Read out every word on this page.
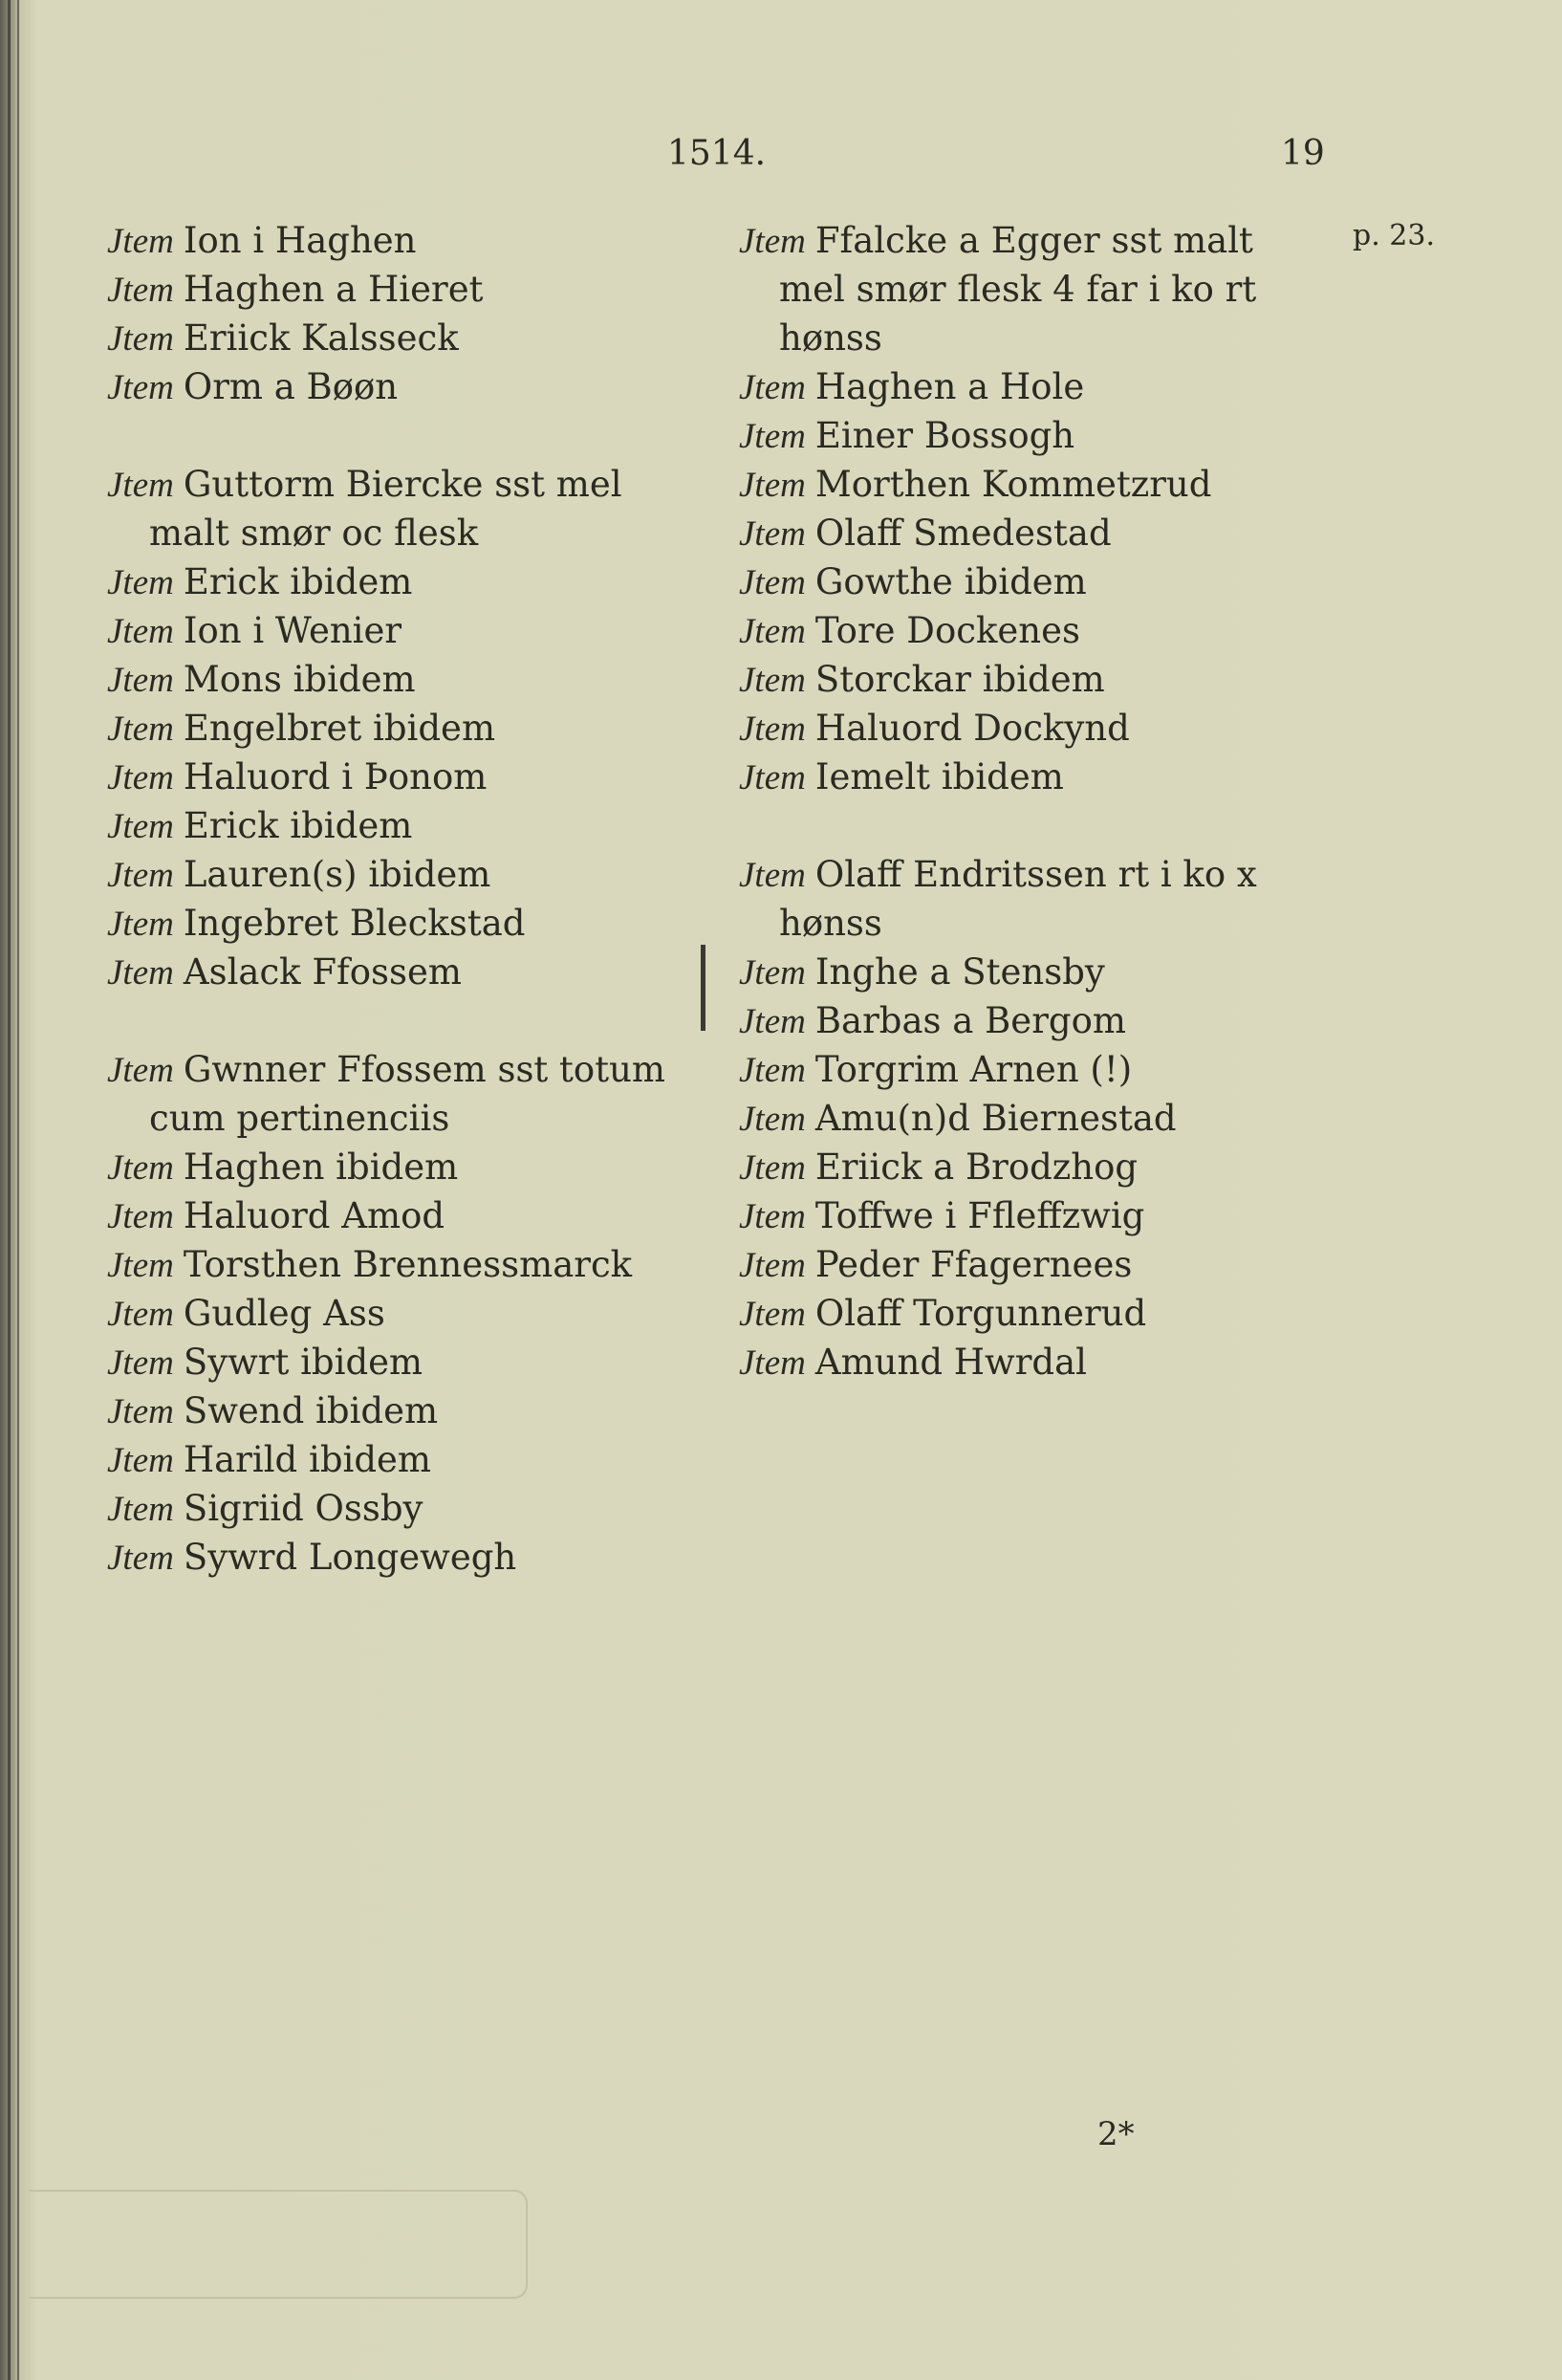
1514.	19
Jtem Ion i Haghen
Jtem Haghen a Hieret
Jtem Eriick Kalsseck
Jtem Orm a Bøøn
Jtem Guttorm Biercke sst mel
malt smør oc flesk
Jtem Erick ibidem
Jtem Ion i Wenier
Jtem Mons ibidem
Jtem Engelbret ibidem
Jtem Haluord i Þonom
Jtem Erick ibidem
Jtem Lauren(s) ibidem
Jtem Ingebret Bleckstad
Jtem Aslack Ffossem
Jtem Gwnner Ffossem sst totum
cum pertinenciis
Jtem Haghen ibidem
Jtem Haluord Amod
Jtem Torsthen Brennessmarck
Jtem Gudleg Ass
Jtem Sywrt ibidem
Jtem Swend ibidem
Jtem Harild ibidem
Jtem Sigriid Ossby
Jtem Sywrd Longewegh
Jtem Ffalcke a Egger sst malt
mel smør flesk 4 far i ko rt
hønss
Jtem Haghen a Hole
Jtem Einer Bossogh
Jtem Morthen Kommetzrud
Jtem Olaff Smedestad
Jtem Gowthe ibidem
Jtem Tore Dockenes
Jtem Storckar ibidem
Jtem Haluord Dockynd
Jtem Iemelt ibidem
Jtem Olaff Endritssen rt i ko x
hønss
Jtem Inghe a Stensby
Jtem Barbas a Bergom
Jtem Torgrim Arnen (!)
Jtem Amu(n)d Biernestad
Jtem Eriick a Brodzhog
Jtem Toffwe i Ffleffzwig
Jtem Peder Ffagernees
Jtem Olaff Torgunnerud
Jtem Amund Hwrdal
p. 23.
2*
